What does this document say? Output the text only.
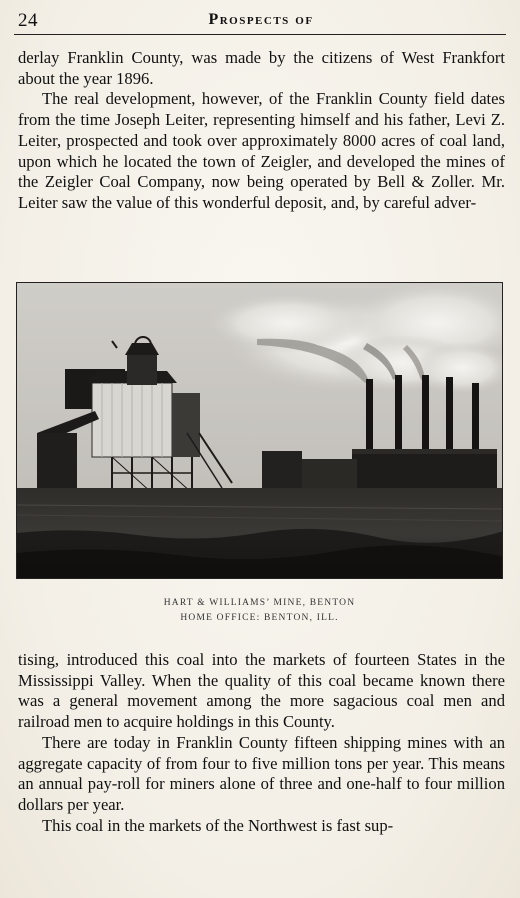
24	Prospects of

derlay Franklin County, was made by the citizens of West Frankfort about the year 1896.

The real development, however, of the Franklin County field dates from the time Joseph Leiter, representing himself and his father, Levi Z. Leiter, prospected and took over approximately 8000 acres of coal land, upon which he located the town of Zeigler, and developed the mines of the Zeigler Coal Company, now being operated by Bell & Zoller. Mr. Leiter saw the value of this wonderful deposit, and, by careful adver-

HART & WILLIAMS’ MINE, BENTON
HOME OFFICE: BENTON, ILL.

tising, introduced this coal into the markets of fourteen States in the Mississippi Valley. When the quality of this coal became known there was a general movement among the more sagacious coal men and railroad men to acquire holdings in this County.

There are today in Franklin County fifteen shipping mines with an aggregate capacity of from four to five million tons per year. This means an annual pay-roll for miners alone of three and one-half to four million dollars per year.

This coal in the markets of the Northwest is fast sup-
